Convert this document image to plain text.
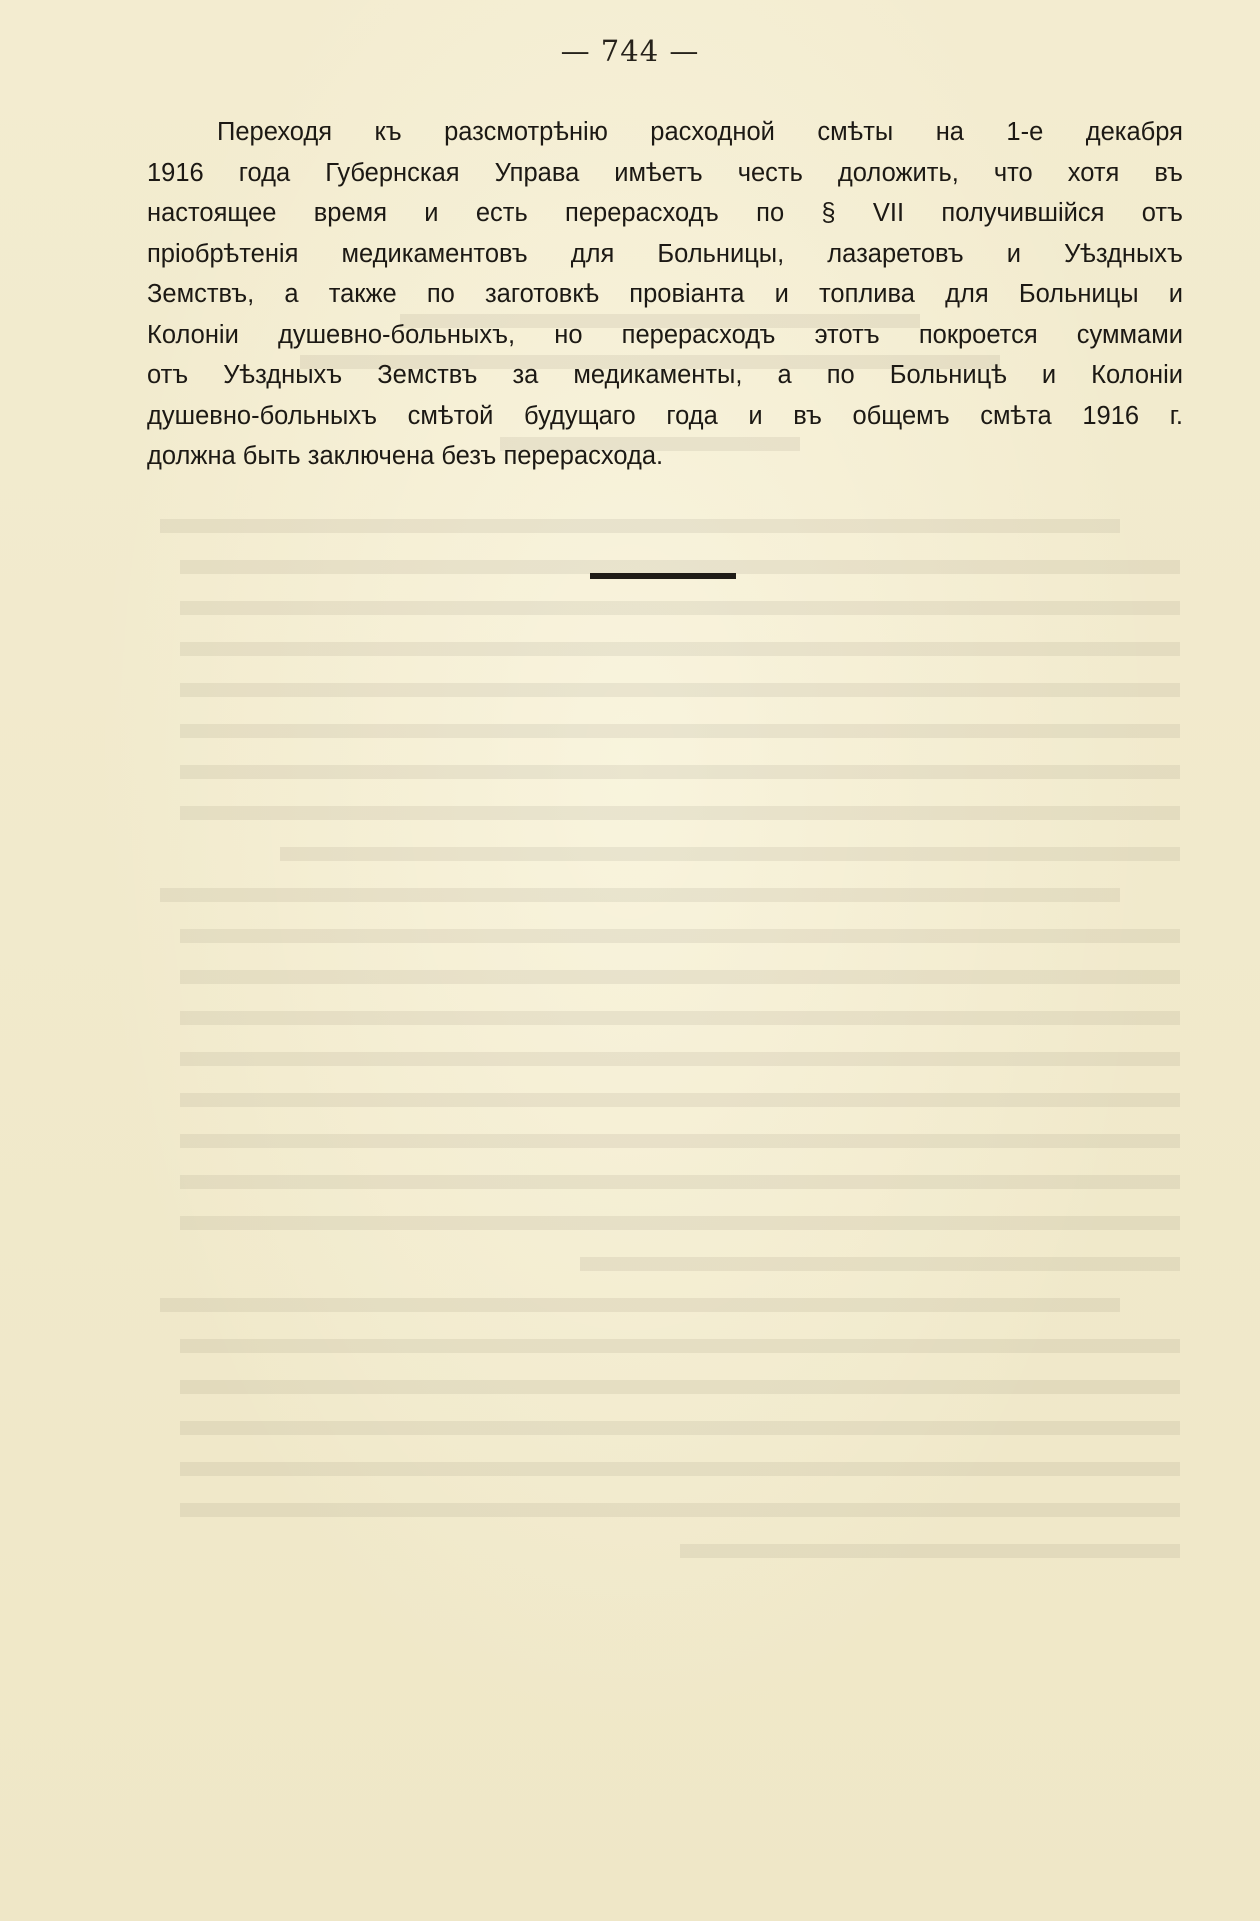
— 744 —
Переходя къ разсмотрѣнію расходной смѣты на 1-е декабря
1916 года Губернская Управа имѣетъ честь доложить, что хотя въ
настоящее время и есть перерасходъ по § VII получившійся отъ
пріобрѣтенія медикаментовъ для Больницы, лазаретовъ и Уѣздныхъ
Земствъ, а также по заготовкѣ провіанта и топлива для Больницы и
Колоніи душевно-больныхъ, но перерасходъ этотъ покроется суммами
отъ Уѣздныхъ Земствъ за медикаменты, а по Больницѣ и Колоніи
душевно-больныхъ смѣтой будущаго года и въ общемъ смѣта 1916 г.
должна быть заключена безъ перерасхода.
